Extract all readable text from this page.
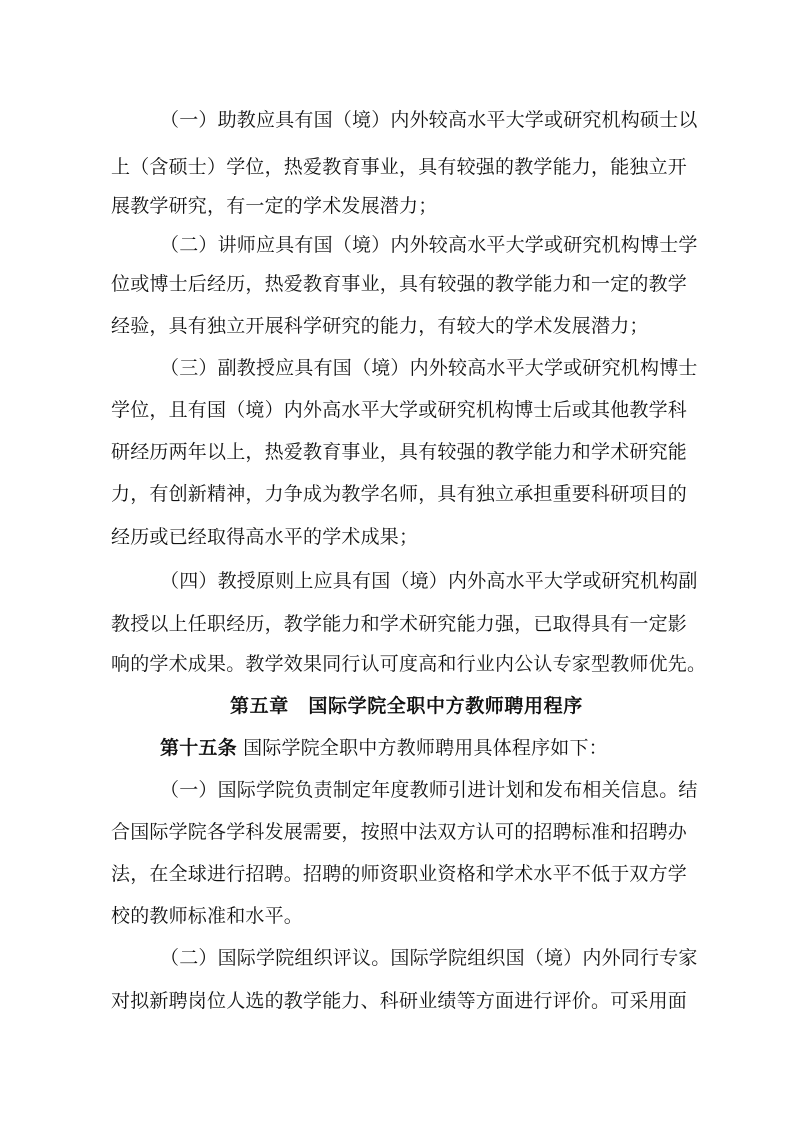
（一）助教应具有国（境）内外较高水平大学或研究机构硕士以
上（含硕士）学位，热爱教育事业，具有较强的教学能力，能独立开
展教学研究，有一定的学术发展潜力；
（二）讲师应具有国（境）内外较高水平大学或研究机构博士学
位或博士后经历，热爱教育事业，具有较强的教学能力和一定的教学
经验，具有独立开展科学研究的能力，有较大的学术发展潜力；
（三）副教授应具有国（境）内外较高水平大学或研究机构博士
学位，且有国（境）内外高水平大学或研究机构博士后或其他教学科
研经历两年以上，热爱教育事业，具有较强的教学能力和学术研究能
力，有创新精神，力争成为教学名师，具有独立承担重要科研项目的
经历或已经取得高水平的学术成果；
（四）教授原则上应具有国（境）内外高水平大学或研究机构副
教授以上任职经历，教学能力和学术研究能力强，已取得具有一定影
响的学术成果。教学效果同行认可度高和行业内公认专家型教师优先。
第五章　国际学院全职中方教师聘用程序
第十五条 国际学院全职中方教师聘用具体程序如下：
（一）国际学院负责制定年度教师引进计划和发布相关信息。结
合国际学院各学科发展需要，按照中法双方认可的招聘标准和招聘办
法，在全球进行招聘。招聘的师资职业资格和学术水平不低于双方学
校的教师标准和水平。
（二）国际学院组织评议。国际学院组织国（境）内外同行专家
对拟新聘岗位人选的教学能力、科研业绩等方面进行评价。可采用面
